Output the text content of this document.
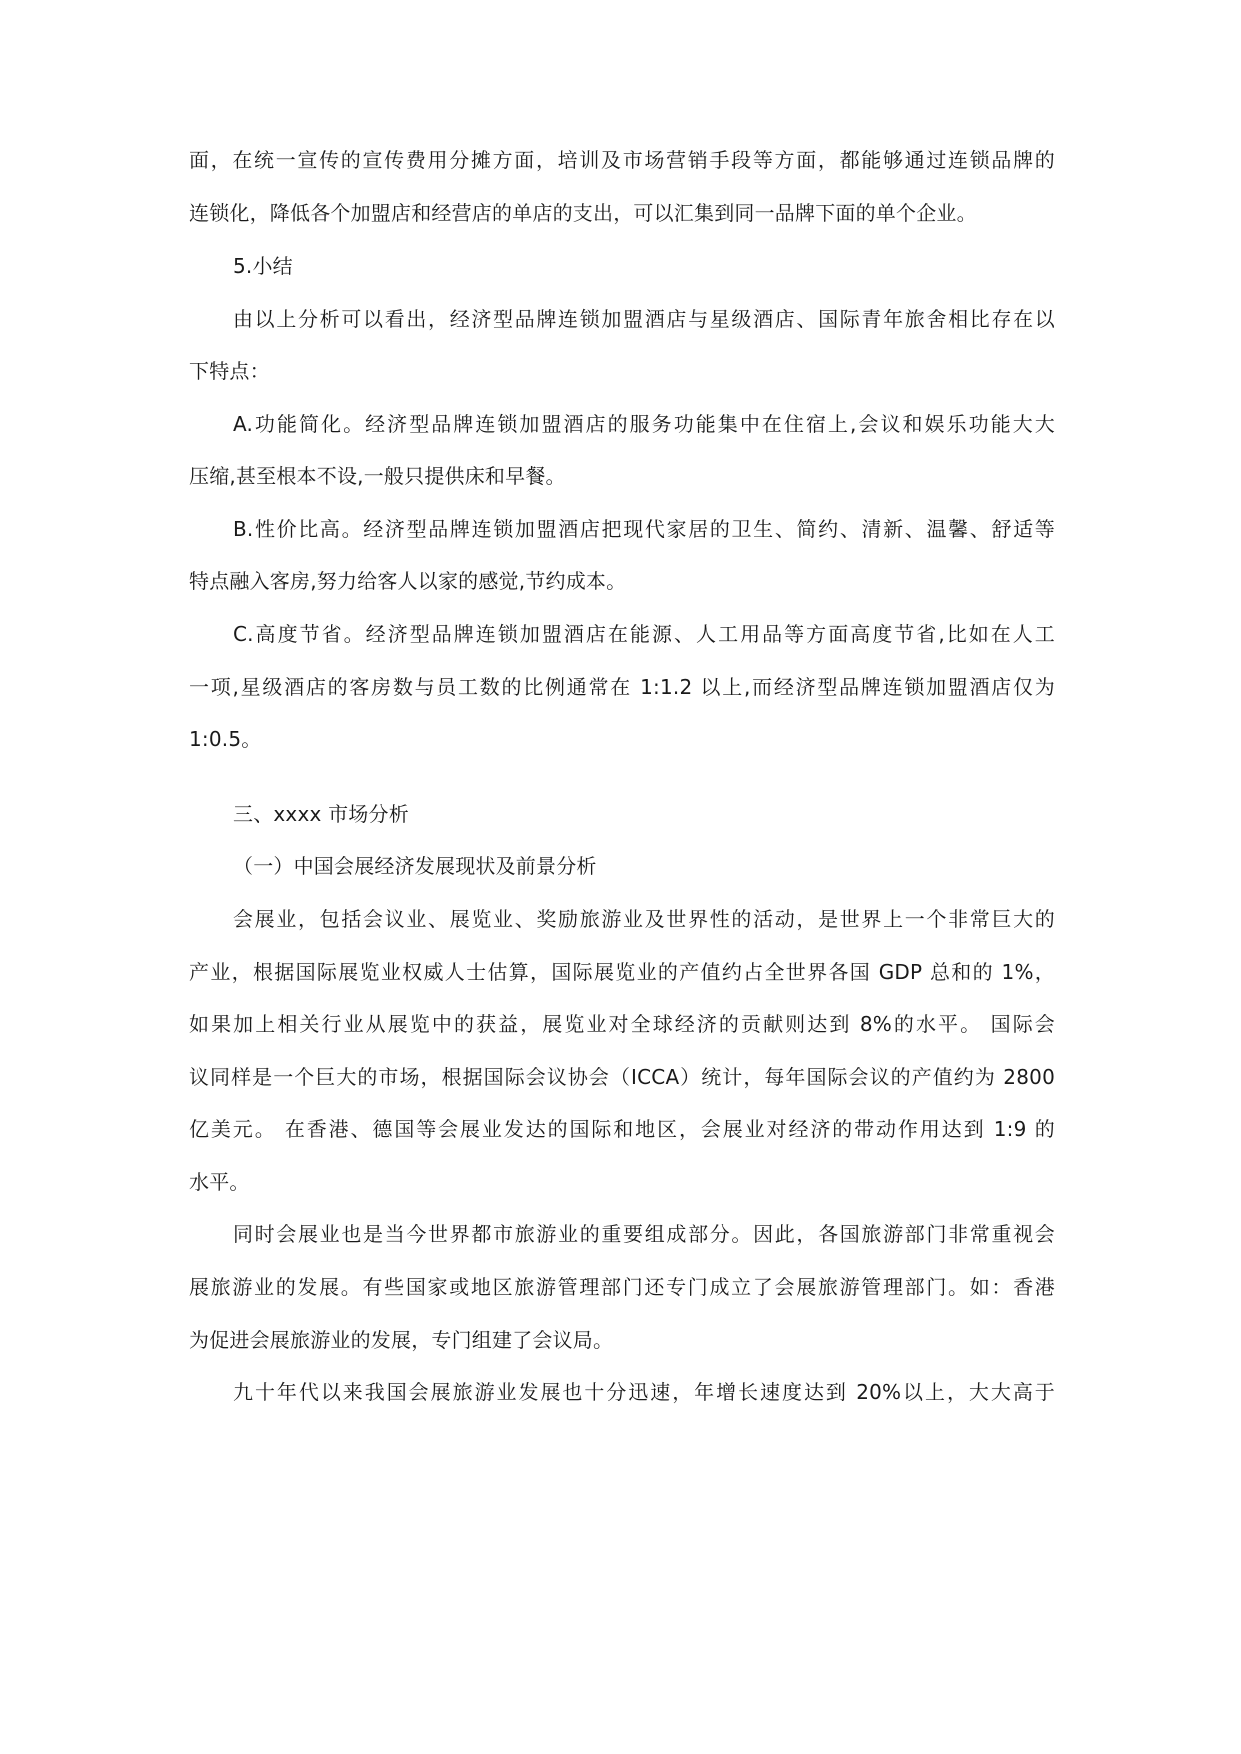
面，在统一宣传的宣传费用分摊方面，培训及市场营销手段等方面，都能够通过连锁品牌的
连锁化，降低各个加盟店和经营店的单店的支出，可以汇集到同一品牌下面的单个企业。
5.小结
由以上分析可以看出，经济型品牌连锁加盟酒店与星级酒店、国际青年旅舍相比存在以
下特点：
A.功能简化。经济型品牌连锁加盟酒店的服务功能集中在住宿上,会议和娱乐功能大大
压缩,甚至根本不设,一般只提供床和早餐。
B.性价比高。经济型品牌连锁加盟酒店把现代家居的卫生、简约、清新、温馨、舒适等
特点融入客房,努力给客人以家的感觉,节约成本。
C.高度节省。经济型品牌连锁加盟酒店在能源、人工用品等方面高度节省,比如在人工
一项,星级酒店的客房数与员工数的比例通常在 1:1.2 以上,而经济型品牌连锁加盟酒店仅为
1:0.5。
三、xxxx 市场分析
（一）中国会展经济发展现状及前景分析
会展业，包括会议业、展览业、奖励旅游业及世界性的活动，是世界上一个非常巨大的
产业，根据国际展览业权威人士估算，国际展览业的产值约占全世界各国 GDP 总和的 1%，
如果加上相关行业从展览中的获益，展览业对全球经济的贡献则达到 8%的水平。 国际会
议同样是一个巨大的市场，根据国际会议协会（ICCA）统计，每年国际会议的产值约为 2800
亿美元。 在香港、德国等会展业发达的国际和地区，会展业对经济的带动作用达到 1:9 的
水平。
同时会展业也是当今世界都市旅游业的重要组成部分。因此，各国旅游部门非常重视会
展旅游业的发展。有些国家或地区旅游管理部门还专门成立了会展旅游管理部门。如：香港
为促进会展旅游业的发展，专门组建了会议局。
九十年代以来我国会展旅游业发展也十分迅速，年增长速度达到 20%以上，大大高于
